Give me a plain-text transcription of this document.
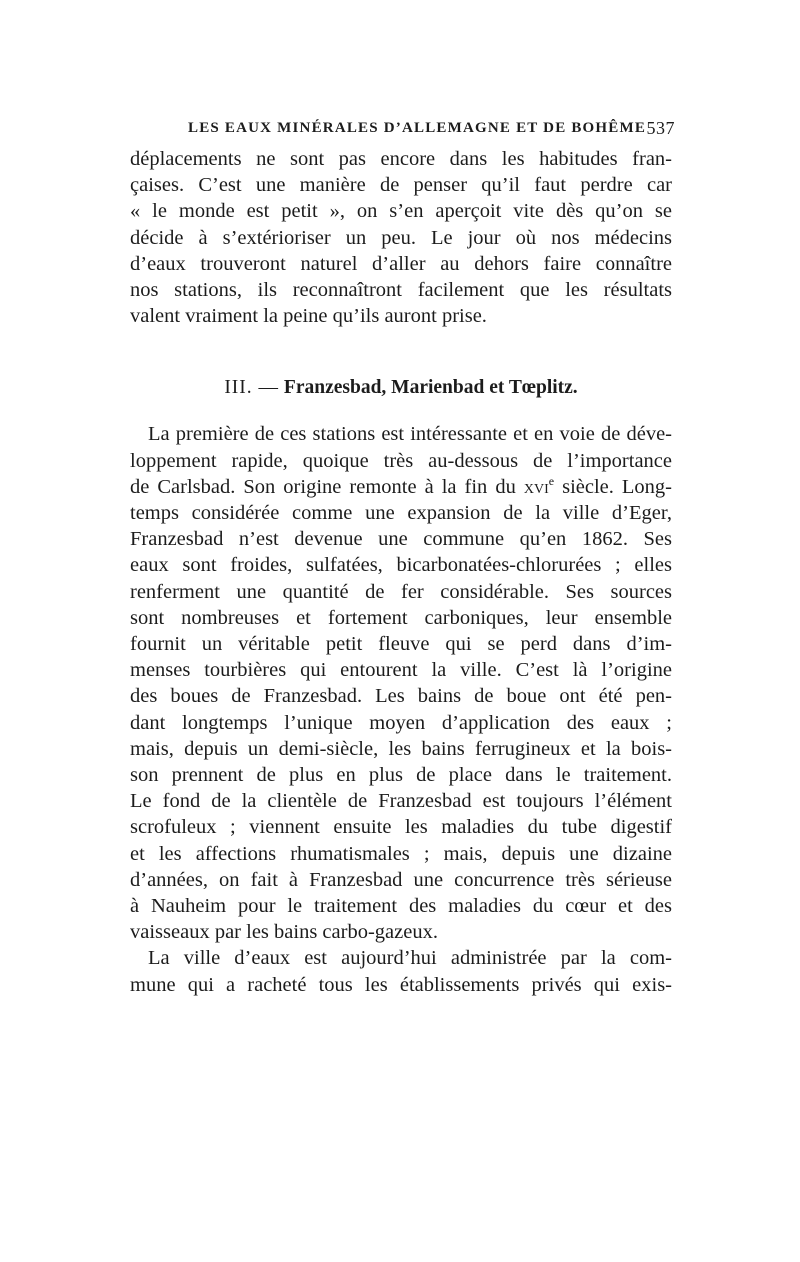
LES EAUX MINÉRALES D’ALLEMAGNE ET DE BOHÊME 537

déplacements ne sont pas encore dans les habitudes fran-
çaises. C’est une manière de penser qu’il faut perdre car
« le monde est petit », on s’en aperçoit vite dès qu’on se
décide à s’extérioriser un peu. Le jour où nos médecins
d’eaux trouveront naturel d’aller au dehors faire connaître
nos stations, ils reconnaîtront facilement que les résultats
valent vraiment la peine qu’ils auront prise.

III. — Franzesbad, Marienbad et Tœplitz.

La première de ces stations est intéressante et en voie de déve-
loppement rapide, quoique très au-dessous de l’importance
de Carlsbad. Son origine remonte à la fin du xvi$^e$ siècle. Long-
temps considérée comme une expansion de la ville d’Eger,
Franzesbad n’est devenue une commune qu’en 1862. Ses
eaux sont froides, sulfatées, bicarbonatées-chlorurées ; elles
renferment une quantité de fer considérable. Ses sources
sont nombreuses et fortement carboniques, leur ensemble
fournit un véritable petit fleuve qui se perd dans d’im-
menses tourbières qui entourent la ville. C’est là l’origine
des boues de Franzesbad. Les bains de boue ont été pen-
dant longtemps l’unique moyen d’application des eaux ;
mais, depuis un demi-siècle, les bains ferrugineux et la bois-
son prennent de plus en plus de place dans le traitement.
Le fond de la clientèle de Franzesbad est toujours l’élément
scrofuleux ; viennent ensuite les maladies du tube digestif
et les affections rhumatismales ; mais, depuis une dizaine
d’années, on fait à Franzesbad une concurrence très sérieuse
à Nauheim pour le traitement des maladies du cœur et des
vaisseaux par les bains carbo-gazeux.

La ville d’eaux est aujourd’hui administrée par la com-
mune qui a racheté tous les établissements privés qui exis-
